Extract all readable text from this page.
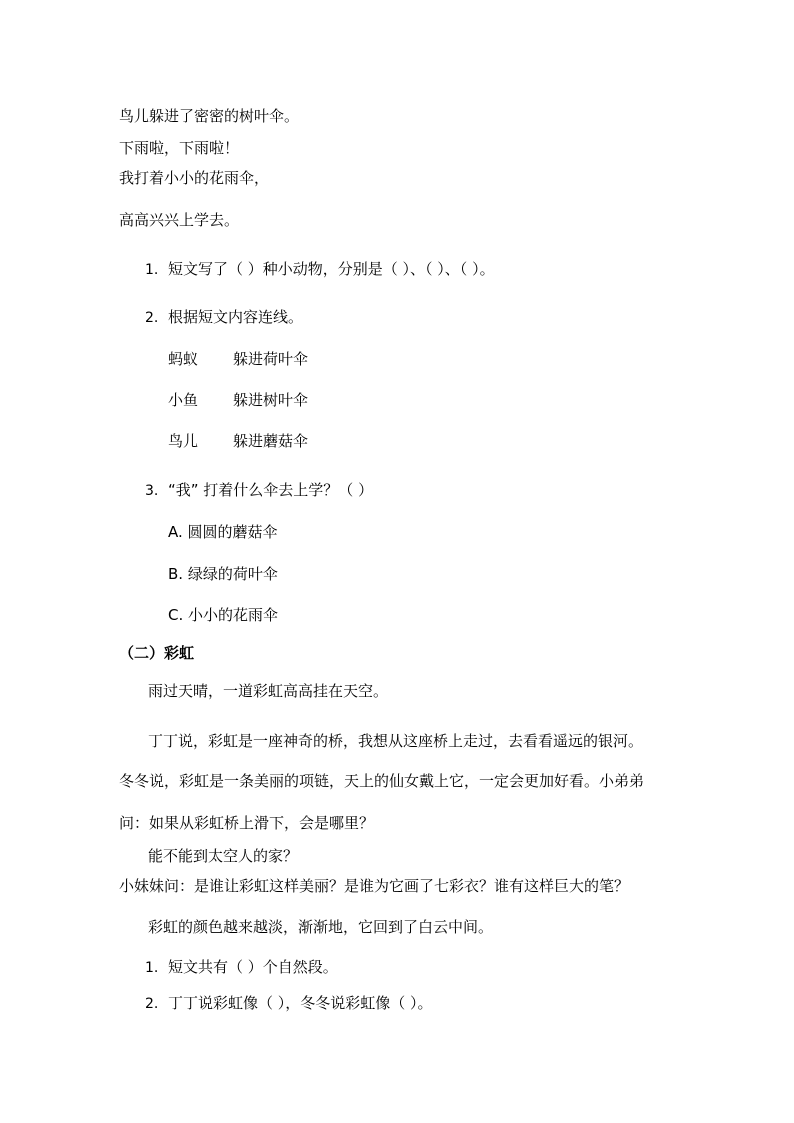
鸟儿躲进了密密的树叶伞。
下雨啦，下雨啦！
我打着小小的花雨伞，
高高兴兴上学去。
1. 短文写了（ ）种小动物，分别是（ ）、（ ）、（ ）。
2. 根据短文内容连线。
蚂蚁 躲进荷叶伞
小鱼 躲进树叶伞
鸟儿 躲进蘑菇伞
3. “我” 打着什么伞去上学？（ ）
A. 圆圆的蘑菇伞
B. 绿绿的荷叶伞
C. 小小的花雨伞
（二）彩虹
雨过天晴，一道彩虹高高挂在天空。
丁丁说，彩虹是一座神奇的桥，我想从这座桥上走过，去看看遥远的银河。
冬冬说，彩虹是一条美丽的项链，天上的仙女戴上它，一定会更加好看。小弟弟
问：如果从彩虹桥上滑下，会是哪里？
能不能到太空人的家？
小妹妹问：是谁让彩虹这样美丽？是谁为它画了七彩衣？谁有这样巨大的笔？
彩虹的颜色越来越淡，渐渐地，它回到了白云中间。
1. 短文共有（ ）个自然段。
2. 丁丁说彩虹像（ ），冬冬说彩虹像（ ）。
